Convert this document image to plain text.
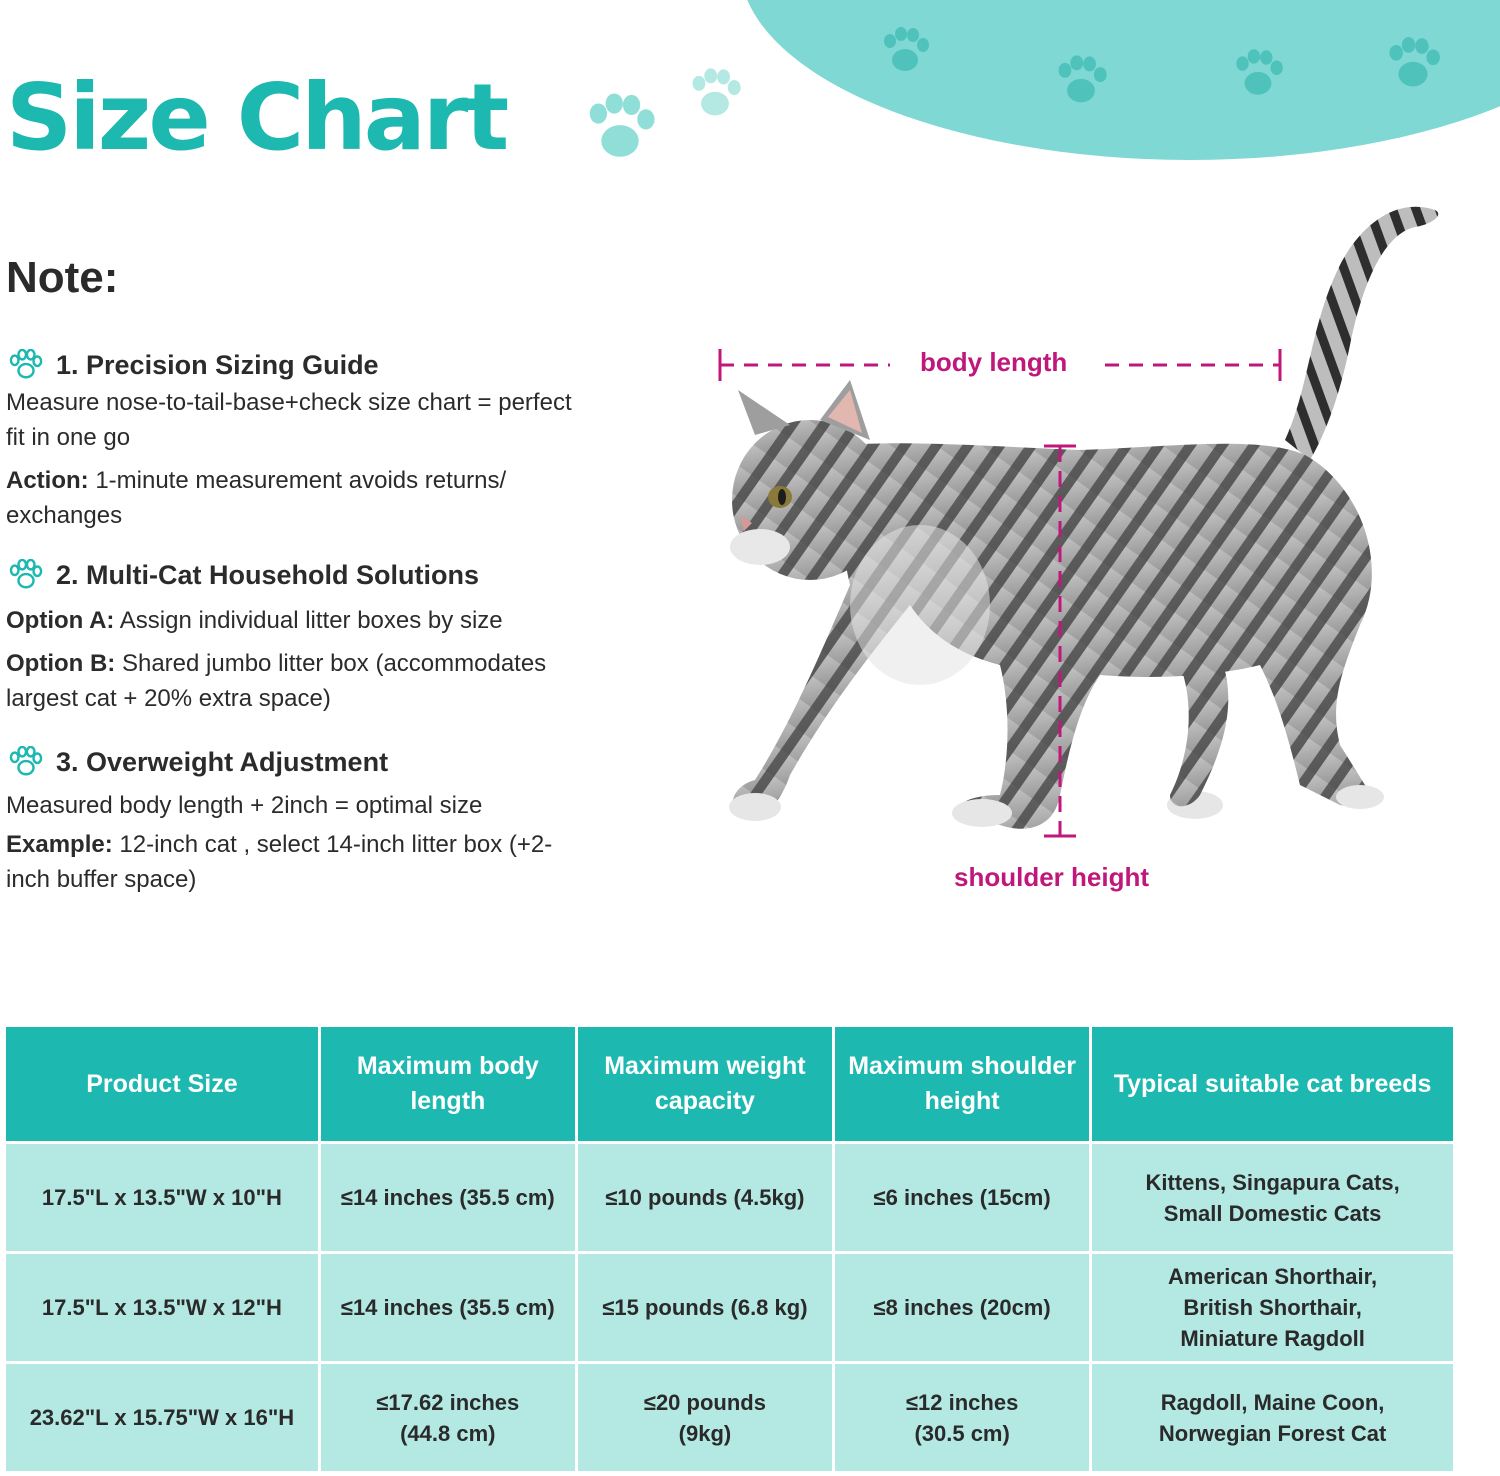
Size Chart
Note:
1. Precision Sizing Guide

Measure nose-to-tail-base+check size chart = perfect fit in one go

Action: 1-minute measurement avoids returns/ exchanges

2. Multi-Cat Household Solutions

Option A: Assign individual litter boxes by size

Option B: Shared jumbo litter box (accommodates largest cat + 20% extra space)

3. Overweight Adjustment

Measured body length + 2inch = optimal size

Example: 12-inch cat , select 14-inch litter box (+2-inch buffer space)

body length
shoulder height
Product Size	Maximum body length	Maximum weight capacity	Maximum shoulder height	Typical suitable cat breeds
17.5"L x 13.5"W x 10"H	≤14 inches (35.5 cm)	≤10 pounds (4.5kg)	≤6 inches (15cm)	Kittens, Singapura Cats, Small Domestic Cats
17.5"L x 13.5"W x 12"H	≤14 inches (35.5 cm)	≤15 pounds (6.8 kg)	≤8 inches (20cm)	American Shorthair, British Shorthair, Miniature Ragdoll
23.62"L x 15.75"W x 16"H	≤17.62 inches (44.8 cm)	≤20 pounds (9kg)	≤12 inches (30.5 cm)	Ragdoll, Maine Coon, Norwegian Forest Cat
